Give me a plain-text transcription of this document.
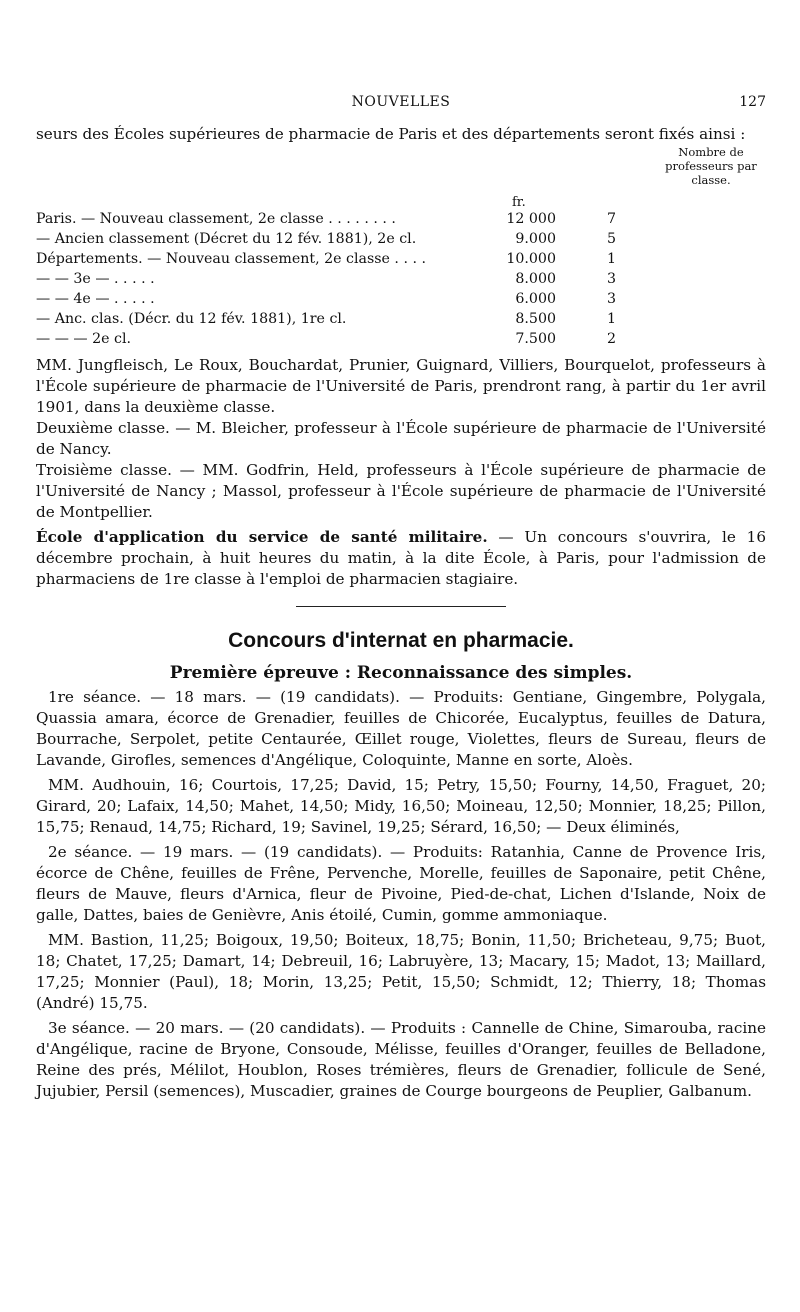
NOUVELLES	127

seurs des Écoles supérieures de pharmacie de Paris et des départements seront fixés ainsi :

Nombre de professeurs par classe.
fr.
Paris. — Nouveau classement, 2e classe . . . . . . . .	12 000	7
— Ancien classement (Décret du 12 fév. 1881), 2e cl.	9.000	5
Départements. — Nouveau classement, 2e classe . . . .	10.000	1
— — 3e — . . . . .	8.000	3
— — 4e — . . . . .	6.000	3
— Anc. clas. (Décr. du 12 fév. 1881), 1re cl.	8.500	1
— — — 2e cl.	7.500	2

MM. Jungfleisch, Le Roux, Bouchardat, Prunier, Guignard, Villiers, Bourquelot, professeurs à l'École supérieure de pharmacie de l'Université de Paris, prendront rang, à partir du 1er avril 1901, dans la deuxième classe.

Deuxième classe. — M. Bleicher, professeur à l'École supérieure de pharmacie de l'Université de Nancy.

Troisième classe. — MM. Godfrin, Held, professeurs à l'École supérieure de pharmacie de l'Université de Nancy ; Massol, professeur à l'École supérieure de pharmacie de l'Université de Montpellier.

École d'application du service de santé militaire. — Un concours s'ouvrira, le 16 décembre prochain, à huit heures du matin, à la dite École, à Paris, pour l'admission de pharmaciens de 1re classe à l'emploi de pharmacien stagiaire.

Concours d'internat en pharmacie.
Première épreuve : Reconnaissance des simples.

1re séance. — 18 mars. — (19 candidats). — Produits: Gentiane, Gingembre, Polygala, Quassia amara, écorce de Grenadier, feuilles de Chicorée, Eucalyptus, feuilles de Datura, Bourrache, Serpolet, petite Centaurée, Œillet rouge, Violettes, fleurs de Sureau, fleurs de Lavande, Girofles, semences d'Angélique, Coloquinte, Manne en sorte, Aloès.

MM. Audhouin, 16; Courtois, 17,25; David, 15; Petry, 15,50; Fourny, 14,50, Fraguet, 20; Girard, 20; Lafaix, 14,50; Mahet, 14,50; Midy, 16,50; Moineau, 12,50; Monnier, 18,25; Pillon, 15,75; Renaud, 14,75; Richard, 19; Savinel, 19,25; Sérard, 16,50; — Deux éliminés,

2e séance. — 19 mars. — (19 candidats). — Produits: Ratanhia, Canne de Provence Iris, écorce de Chêne, feuilles de Frêne, Pervenche, Morelle, feuilles de Saponaire, petit Chêne, fleurs de Mauve, fleurs d'Arnica, fleur de Pivoine, Pied-de-chat, Lichen d'Islande, Noix de galle, Dattes, baies de Genièvre, Anis étoilé, Cumin, gomme ammoniaque.

MM. Bastion, 11,25; Boigoux, 19,50; Boiteux, 18,75; Bonin, 11,50; Bricheteau, 9,75; Buot, 18; Chatet, 17,25; Damart, 14; Debreuil, 16; Labruyère, 13; Macary, 15; Madot, 13; Maillard, 17,25; Monnier (Paul), 18; Morin, 13,25; Petit, 15,50; Schmidt, 12; Thierry, 18; Thomas (André) 15,75.

3e séance. — 20 mars. — (20 candidats). — Produits : Cannelle de Chine, Simarouba, racine d'Angélique, racine de Bryone, Consoude, Mélisse, feuilles d'Oranger, feuilles de Belladone, Reine des prés, Mélilot, Houblon, Roses trémières, fleurs de Grenadier, follicule de Sené, Jujubier, Persil (semences), Muscadier, graines de Courge bourgeons de Peuplier, Galbanum.
